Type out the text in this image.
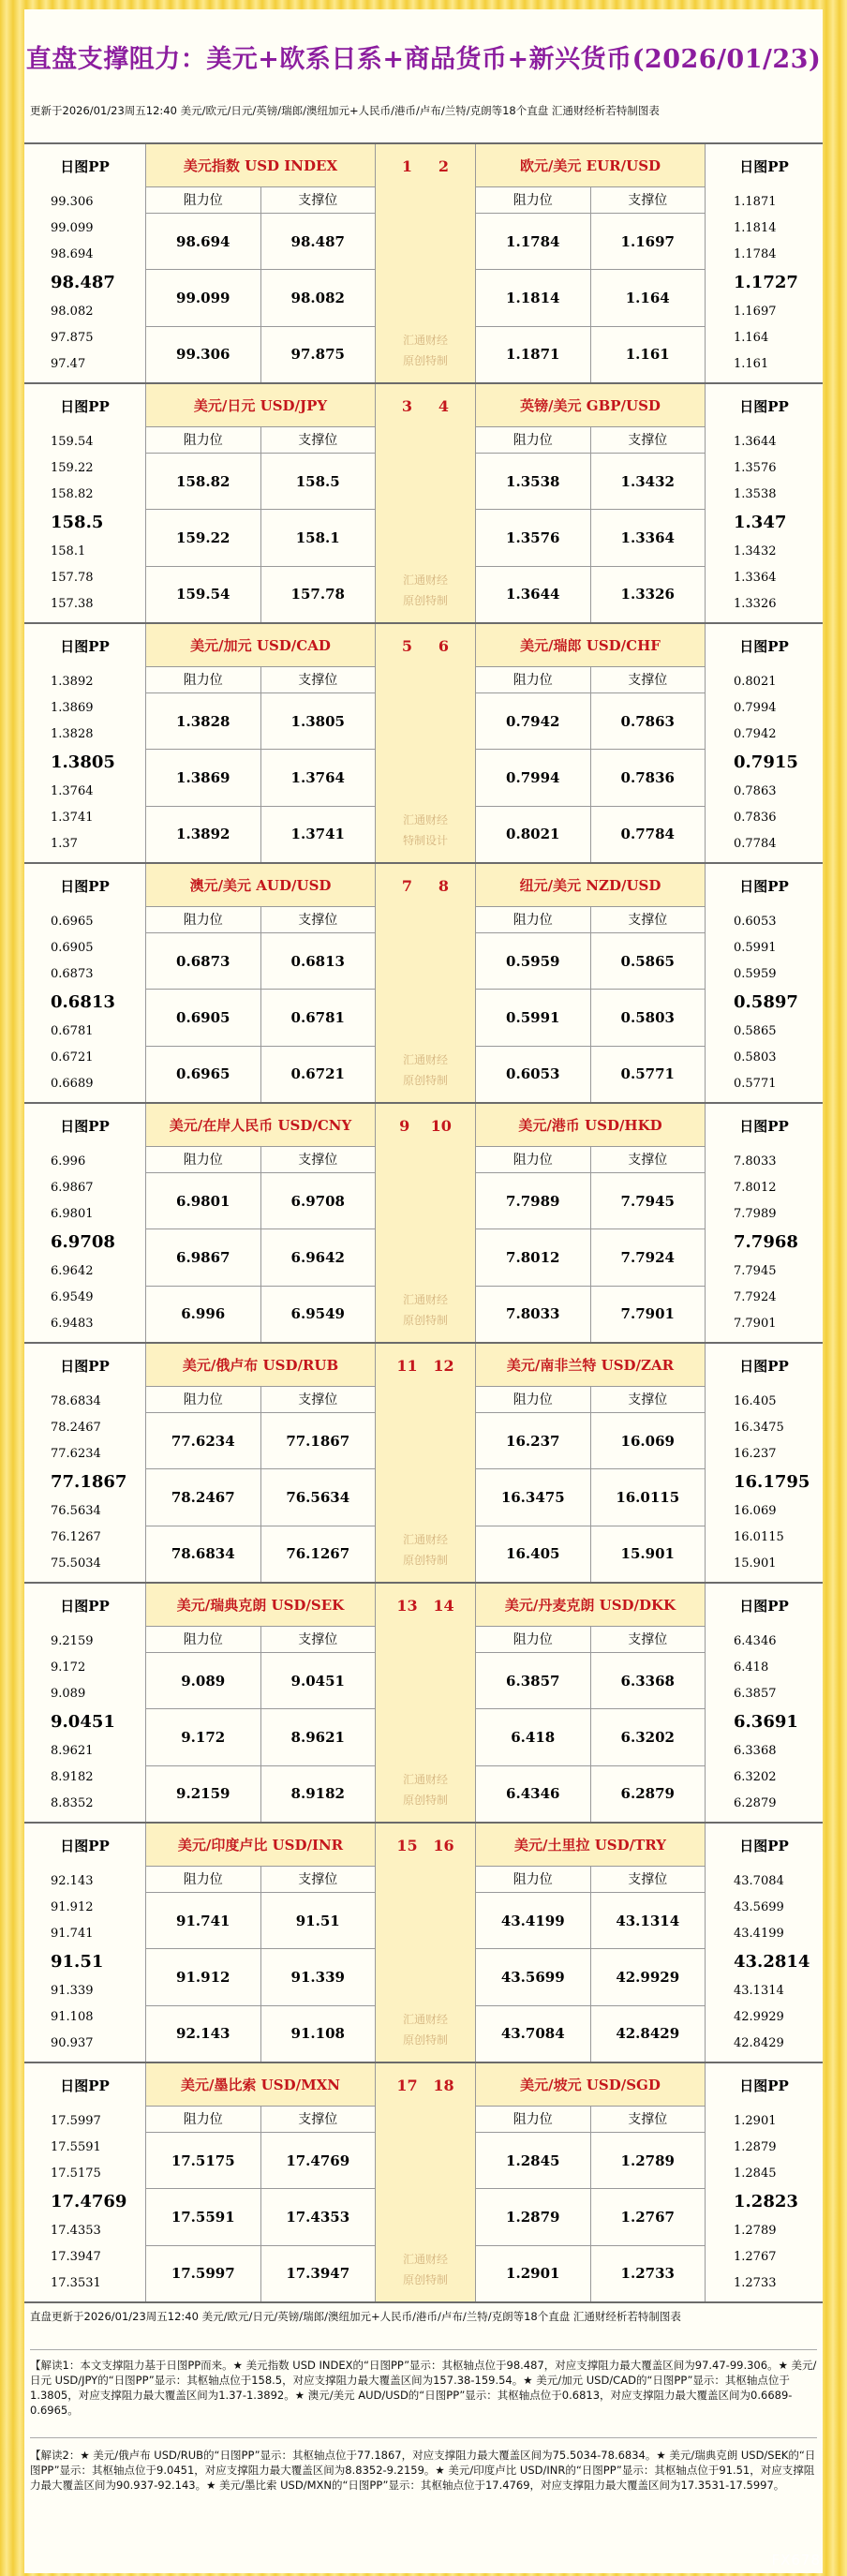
直盘支撑阻力：美元+欧系日系+商品货币+新兴货币(2026/01/23)
更新于2026/01/23周五12:40 美元/欧元/日元/英镑/瑞郎/澳纽加元+人民币/港币/卢布/兰特/克朗等18个直盘 汇通财经析若特制图表
日图PP
99.306
99.099
98.694
98.487
98.082
97.875
97.47
美元指数 USD INDEX
阻力位	支撑位
98.694	98.487
99.099	98.082
99.306	97.875
1 2
汇通财经
原创特制
欧元/美元 EUR/USD
阻力位	支撑位
1.1784	1.1697
1.1814	1.164
1.1871	1.161
日图PP
1.1871
1.1814
1.1784
1.1727
1.1697
1.164
1.161
日图PP
159.54
159.22
158.82
158.5
158.1
157.78
157.38
美元/日元 USD/JPY
阻力位	支撑位
158.82	158.5
159.22	158.1
159.54	157.78
3 4
汇通财经
原创特制
英镑/美元 GBP/USD
阻力位	支撑位
1.3538	1.3432
1.3576	1.3364
1.3644	1.3326
日图PP
1.3644
1.3576
1.3538
1.347
1.3432
1.3364
1.3326
日图PP
1.3892
1.3869
1.3828
1.3805
1.3764
1.3741
1.37
美元/加元 USD/CAD
阻力位	支撑位
1.3828	1.3805
1.3869	1.3764
1.3892	1.3741
5 6
汇通财经
特制设计
美元/瑞郎 USD/CHF
阻力位	支撑位
0.7942	0.7863
0.7994	0.7836
0.8021	0.7784
日图PP
0.8021
0.7994
0.7942
0.7915
0.7863
0.7836
0.7784
日图PP
0.6965
0.6905
0.6873
0.6813
0.6781
0.6721
0.6689
澳元/美元 AUD/USD
阻力位	支撑位
0.6873	0.6813
0.6905	0.6781
0.6965	0.6721
7 8
汇通财经
原创特制
纽元/美元 NZD/USD
阻力位	支撑位
0.5959	0.5865
0.5991	0.5803
0.6053	0.5771
日图PP
0.6053
0.5991
0.5959
0.5897
0.5865
0.5803
0.5771
日图PP
6.996
6.9867
6.9801
6.9708
6.9642
6.9549
6.9483
美元/在岸人民币 USD/CNY
阻力位	支撑位
6.9801	6.9708
6.9867	6.9642
6.996	6.9549
9 10
汇通财经
原创特制
美元/港币 USD/HKD
阻力位	支撑位
7.7989	7.7945
7.8012	7.7924
7.8033	7.7901
日图PP
7.8033
7.8012
7.7989
7.7968
7.7945
7.7924
7.7901
日图PP
78.6834
78.2467
77.6234
77.1867
76.5634
76.1267
75.5034
美元/俄卢布 USD/RUB
阻力位	支撑位
77.6234	77.1867
78.2467	76.5634
78.6834	76.1267
11 12
汇通财经
原创特制
美元/南非兰特 USD/ZAR
阻力位	支撑位
16.237	16.069
16.3475	16.0115
16.405	15.901
日图PP
16.405
16.3475
16.237
16.1795
16.069
16.0115
15.901
日图PP
9.2159
9.172
9.089
9.0451
8.9621
8.9182
8.8352
美元/瑞典克朗 USD/SEK
阻力位	支撑位
9.089	9.0451
9.172	8.9621
9.2159	8.9182
13 14
汇通财经
原创特制
美元/丹麦克朗 USD/DKK
阻力位	支撑位
6.3857	6.3368
6.418	6.3202
6.4346	6.2879
日图PP
6.4346
6.418
6.3857
6.3691
6.3368
6.3202
6.2879
日图PP
92.143
91.912
91.741
91.51
91.339
91.108
90.937
美元/印度卢比 USD/INR
阻力位	支撑位
91.741	91.51
91.912	91.339
92.143	91.108
15 16
汇通财经
原创特制
美元/土里拉 USD/TRY
阻力位	支撑位
43.4199	43.1314
43.5699	42.9929
43.7084	42.8429
日图PP
43.7084
43.5699
43.4199
43.2814
43.1314
42.9929
42.8429
日图PP
17.5997
17.5591
17.5175
17.4769
17.4353
17.3947
17.3531
美元/墨比索 USD/MXN
阻力位	支撑位
17.5175	17.4769
17.5591	17.4353
17.5997	17.3947
17 18
汇通财经
原创特制
美元/坡元 USD/SGD
阻力位	支撑位
1.2845	1.2789
1.2879	1.2767
1.2901	1.2733
日图PP
1.2901
1.2879
1.2845
1.2823
1.2789
1.2767
1.2733
直盘更新于2026/01/23周五12:40 美元/欧元/日元/英镑/瑞郎/澳纽加元+人民币/港币/卢布/兰特/克朗等18个直盘 汇通财经析若特制图表
【解读1：本文支撑阻力基于日图PP而来。★ 美元指数 USD INDEX的“日图PP”显示：其枢轴点位于98.487，对应支撑阻力最大覆盖区间为97.47-99.306。★ 美元/日元 USD/JPY的“日图PP”显示：其枢轴点位于158.5，对应支撑阻力最大覆盖区间为157.38-159.54。★ 美元/加元 USD/CAD的“日图PP”显示：其枢轴点位于1.3805，对应支撑阻力最大覆盖区间为1.37-1.3892。★ 澳元/美元 AUD/USD的“日图PP”显示：其枢轴点位于0.6813，对应支撑阻力最大覆盖区间为0.6689-0.6965。
【解读2：★ 美元/俄卢布 USD/RUB的“日图PP”显示：其枢轴点位于77.1867，对应支撑阻力最大覆盖区间为75.5034-78.6834。★ 美元/瑞典克朗 USD/SEK的“日图PP”显示：其枢轴点位于9.0451，对应支撑阻力最大覆盖区间为8.8352-9.2159。★ 美元/印度卢比 USD/INR的“日图PP”显示：其枢轴点位于91.51，对应支撑阻力最大覆盖区间为90.937-92.143。★ 美元/墨比索 USD/MXN的“日图PP”显示：其枢轴点位于17.4769，对应支撑阻力最大覆盖区间为17.3531-17.5997。
FX678
